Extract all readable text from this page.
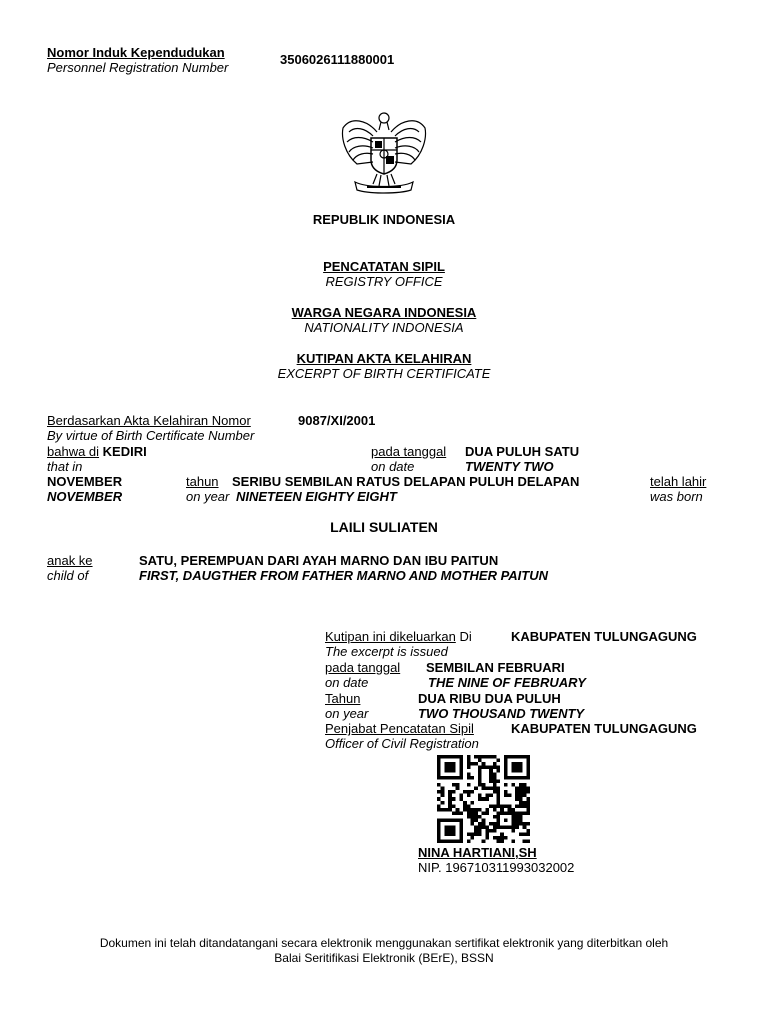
Nomor Induk Kependudukan
Personnel Registration Number
3506026111880001
REPUBLIK INDONESIA
PENCATATAN SIPIL
REGISTRY OFFICE
WARGA NEGARA INDONESIA
NATIONALITY INDONESIA
KUTIPAN AKTA KELAHIRAN
EXCERPT OF BIRTH CERTIFICATE
Berdasarkan Akta Kelahiran Nomor
By virtue of Birth Certificate Number
9087/XI/2001
bahwa di KEDIRI
that in
pada tanggal
on date
DUA PULUH SATU
TWENTY TWO
NOVEMBER
NOVEMBER
tahun
on year
SERIBU SEMBILAN RATUS DELAPAN PULUH DELAPAN
NINETEEN EIGHTY EIGHT
telah lahir
was born
LAILI SULIATEN
anak ke
child of
SATU, PEREMPUAN DARI AYAH MARNO DAN IBU PAITUN
FIRST, DAUGTHER FROM FATHER MARNO AND MOTHER PAITUN
Kutipan ini dikeluarkan Di
The excerpt is issued
KABUPATEN TULUNGAGUNG
pada tanggal
on date
SEMBILAN FEBRUARI
THE NINE OF FEBRUARY
Tahun
on year
DUA RIBU DUA PULUH
TWO THOUSAND TWENTY
Penjabat Pencatatan Sipil
Officer of Civil Registration
KABUPATEN TULUNGAGUNG
NINA HARTIANI,SH
NIP. 196710311993032002
Dokumen ini telah ditandatangani secara elektronik menggunakan sertifikat elektronik yang diterbitkan oleh
Balai Seritifikasi Elektronik (BErE), BSSN
